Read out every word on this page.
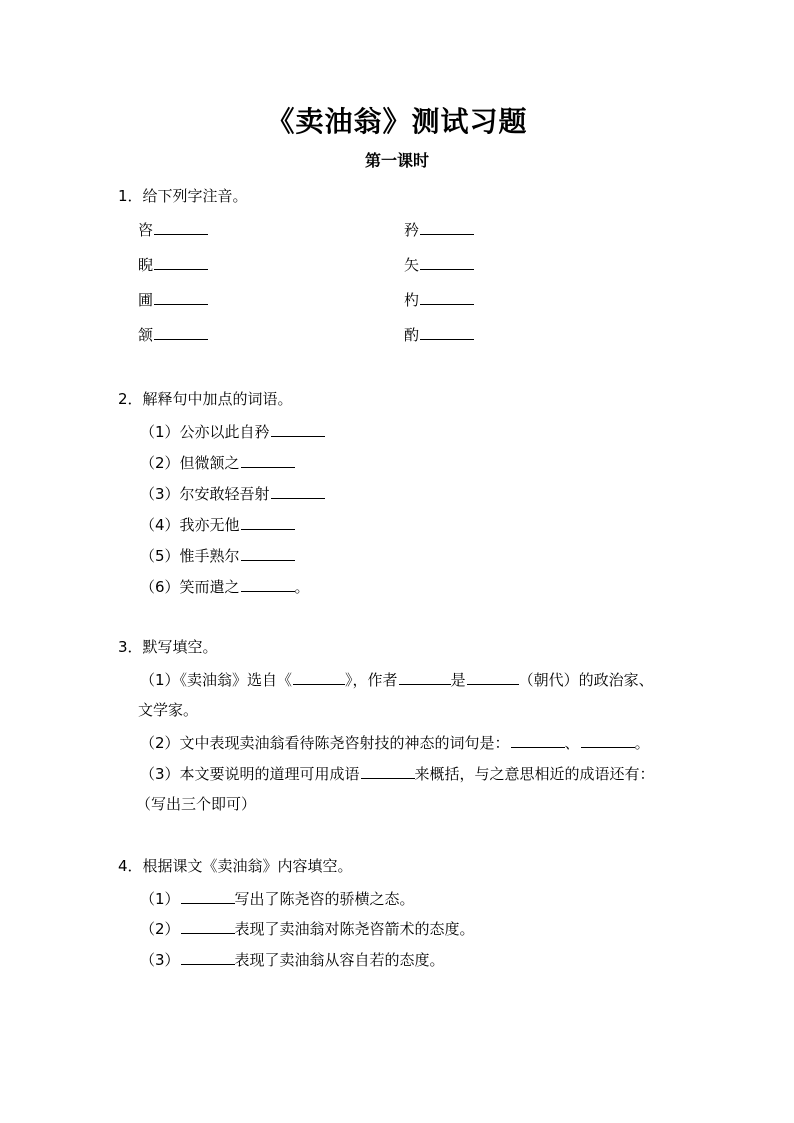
《卖油翁》测试习题
第一课时
1．给下列字注音。
咨	矜
睨	矢
圃	杓
颔	酌
2．解释句中加点的词语。
（1）公亦以此自矜
（2）但微颔之
（3）尔安敢轻吾射
（4）我亦无他
（5）惟手熟尔
（6）笑而遣之	。
3．默写填空。
（1）《卖油翁》选自《	》，作者	是	（朝代）的政治家、
文学家。
（2）文中表现卖油翁看待陈尧咨射技的神态的词句是：	、	。
（3）本文要说明的道理可用成语	来概括，与之意思相近的成语还有：
（写出三个即可）
4．根据课文《卖油翁》内容填空。
（1）	写出了陈尧咨的骄横之态。
（2）	表现了卖油翁对陈尧咨箭术的态度。
（3）	表现了卖油翁从容自若的态度。
